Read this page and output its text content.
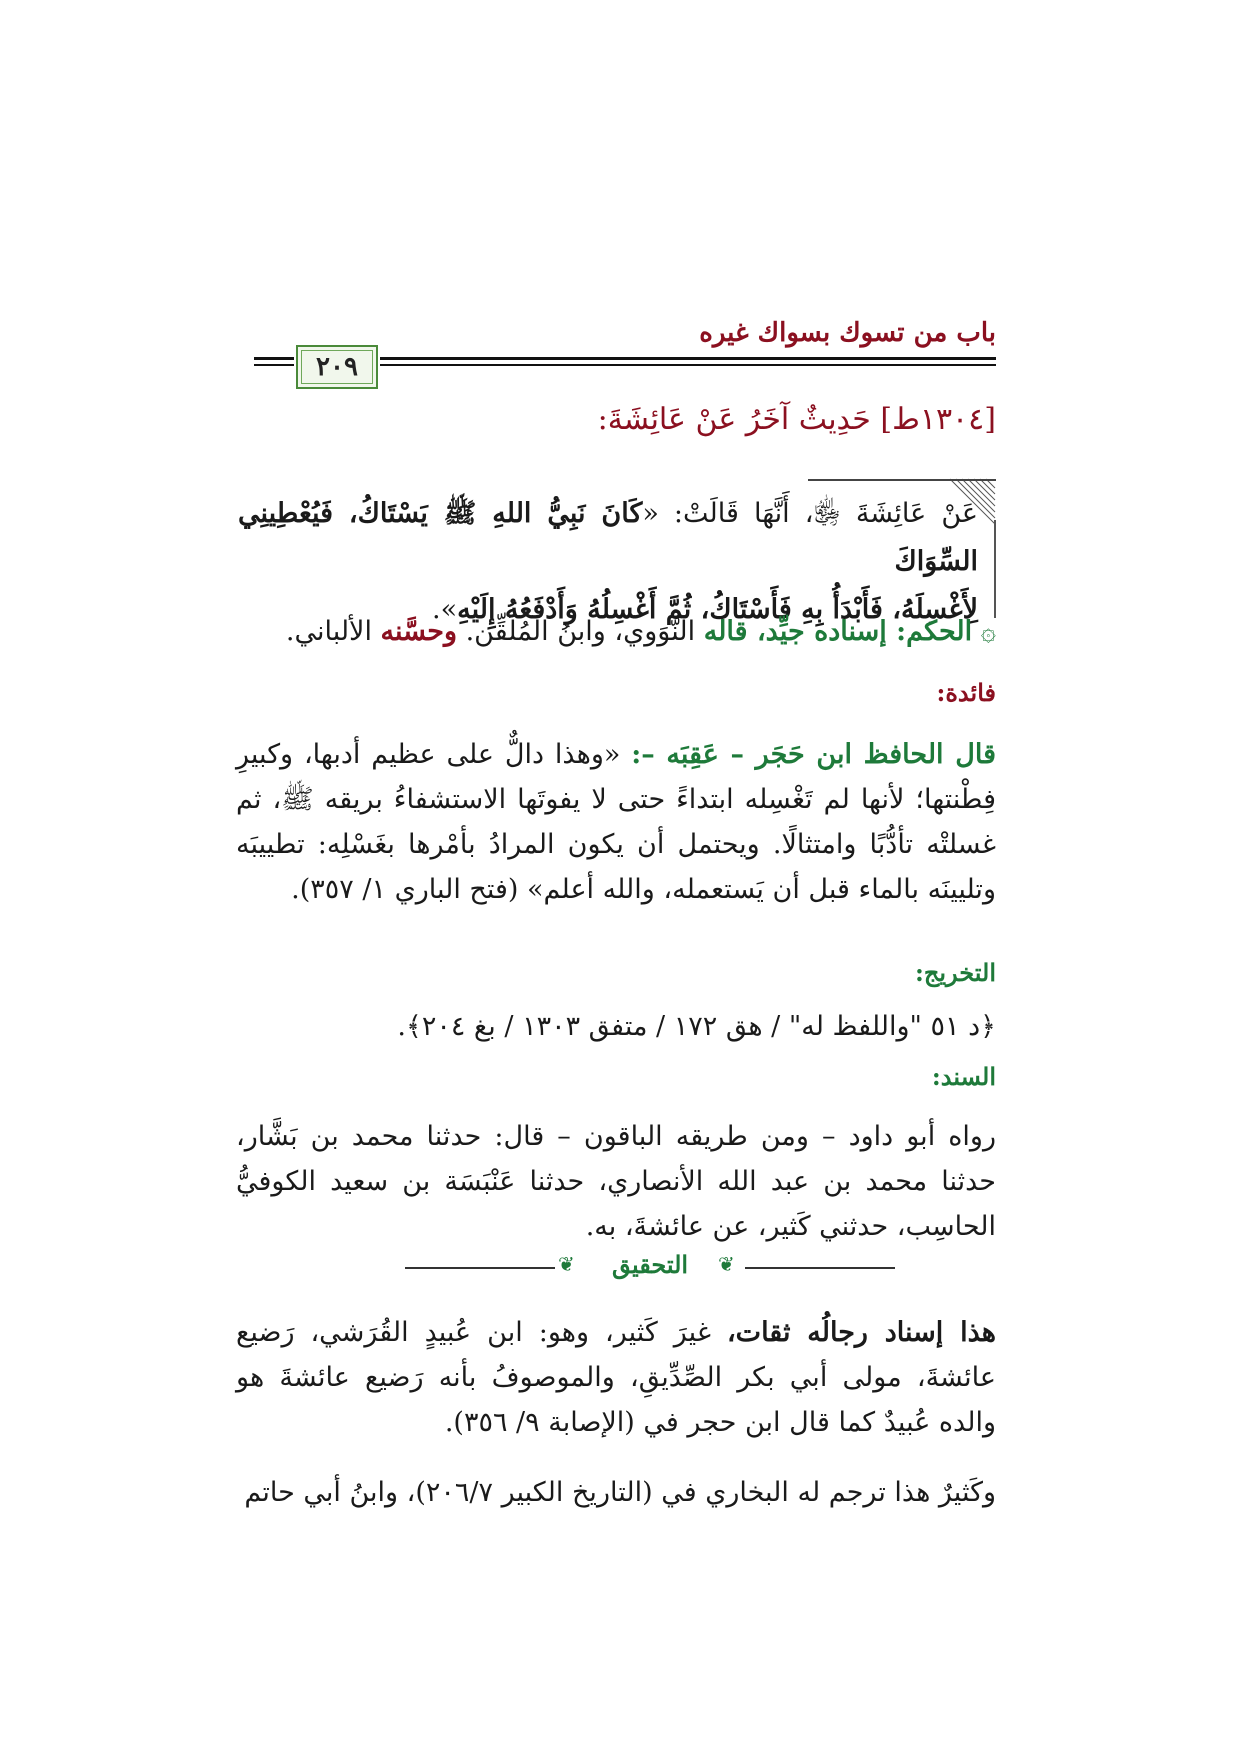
باب من تسوك بسواك غيره
٢٠٩
[١٣٠٤ط] حَدِيثٌ آخَرُ عَنْ عَائِشَةَ:
عَنْ عَائِشَةَ ﵂، أَنَّهَا قَالَتْ: «كَانَ نَبِيُّ اللهِ ﷺ يَسْتَاكُ، فَيُعْطِينِي السِّوَاكَ
لِأَغْسِلَهُ، فَأَبْدَأُ بِهِ فَأَسْتَاكُ، ثُمَّ أَغْسِلُهُ وَأَدْفَعُهُ إِلَيْهِ».
۞ الحكم: إسناده جيِّد، قاله النَّوَوي، وابنُ المُلَقِّن. وحسَّنه الألباني.
فائدة:
قال الحافظ ابن حَجَر – عَقِبَه –: «وهذا دالٌّ على عظيم أدبها، وكبيرِ فِطْنتها؛ لأنها لم تَغْسِله ابتداءً حتى لا يفوتَها الاستشفاءُ بريقه ﷺ، ثم غسلتْه تأدُّبًا وامتثالًا. ويحتمل أن يكون المرادُ بأمْرها بغَسْلِه: تطييبَه وتليينَه بالماء قبل أن يَستعمله، والله أعلم» (فتح الباري ١/ ٣٥٧).
التخريج:
﴿د ٥١ "واللفظ له" / هق ١٧٢ / متفق ١٣٠٣ / بغ ٢٠٤﴾.
السند:
رواه أبو داود – ومن طريقه الباقون – قال: حدثنا محمد بن بَشَّار، حدثنا محمد بن عبد الله الأنصاري، حدثنا عَنْبَسَة بن سعيد الكوفيُّ الحاسِب، حدثني كَثير، عن عائشةَ، به.
❦	❦
التحقيق
هذا إسناد رجالُه ثقات، غيرَ كَثير، وهو: ابن عُبيدٍ القُرَشي، رَضيع عائشةَ، مولى أبي بكر الصِّدِّيقِ، والموصوفُ بأنه رَضيع عائشةَ هو والده عُبيدٌ كما قال ابن حجر في (الإصابة ٩/ ٣٥٦).
وكَثيرٌ هذا ترجم له البخاري في (التاريخ الكبير ٢٠٦/٧)، وابنُ أبي حاتم
